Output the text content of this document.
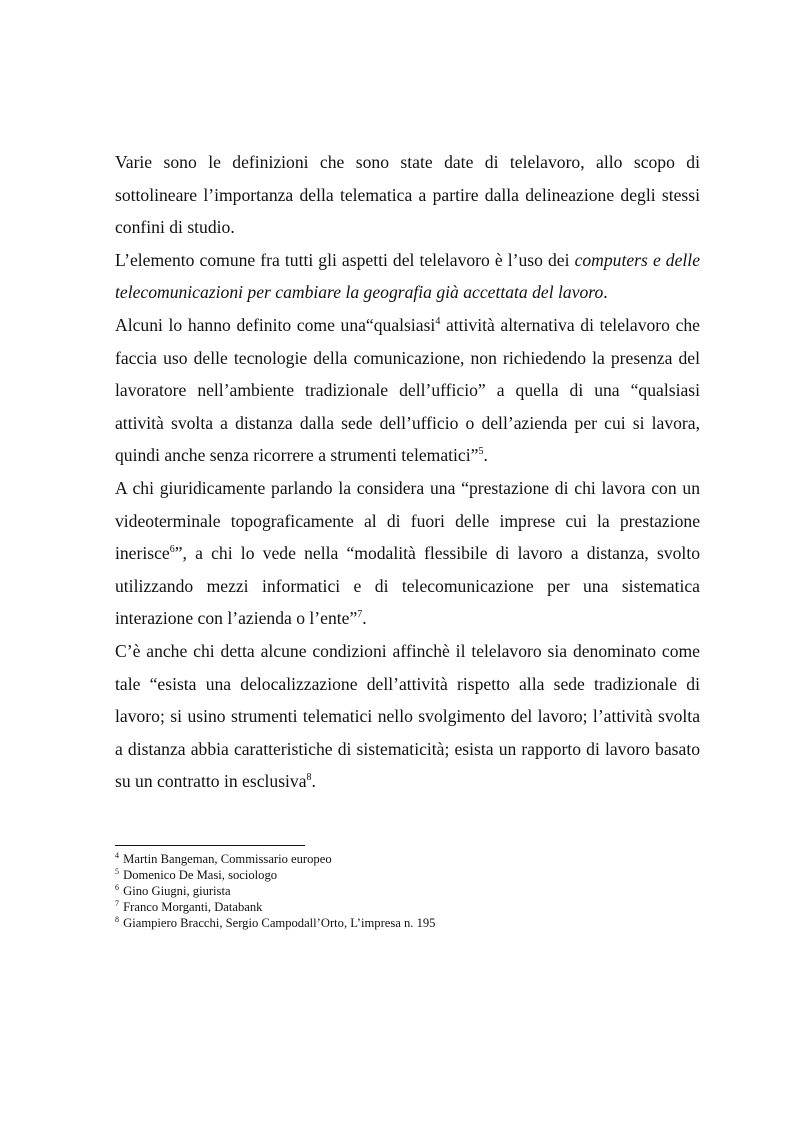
Varie sono le definizioni che sono state date di telelavoro, allo scopo di sottolineare l’importanza della telematica a partire dalla delineazione degli stessi confini di studio.

L’elemento comune fra tutti gli aspetti del telelavoro è l’uso dei computers e delle telecomunicazioni per cambiare la geografia già accettata del lavoro.

Alcuni lo hanno definito come una“qualsiasi$^4$ attività alternativa di telelavoro che faccia uso delle tecnologie della comunicazione, non richiedendo la presenza del lavoratore nell’ambiente tradizionale dell’ufficio” a quella di una “qualsiasi attività svolta a distanza dalla sede dell’ufficio o dell’azienda per cui si lavora, quindi anche senza ricorrere a strumenti telematici”$^5$.

A chi giuridicamente parlando la considera una “prestazione di chi lavora con un videoterminale topograficamente al di fuori delle imprese cui la prestazione inerisce$^6$”, a chi lo vede nella “modalità flessibile di lavoro a distanza, svolto utilizzando mezzi informatici e di telecomunicazione per una sistematica interazione con l’azienda o l’ente”$^7$.

C’è anche chi detta alcune condizioni affinchè il telelavoro sia denominato come tale “esista una delocalizzazione dell’attività rispetto alla sede tradizionale di lavoro; si usino strumenti telematici nello svolgimento del lavoro; l’attività svolta a distanza abbia caratteristiche di sistematicità; esista un rapporto di lavoro basato su un contratto in esclusiva$^8$.

$^4$ Martin Bangeman, Commissario europeo

$^5$ Domenico De Masi, sociologo

$^6$ Gino Giugni, giurista

$^7$ Franco Morganti, Databank

$^8$ Giampiero Bracchi, Sergio Campodall’Orto, L’impresa n. 195
